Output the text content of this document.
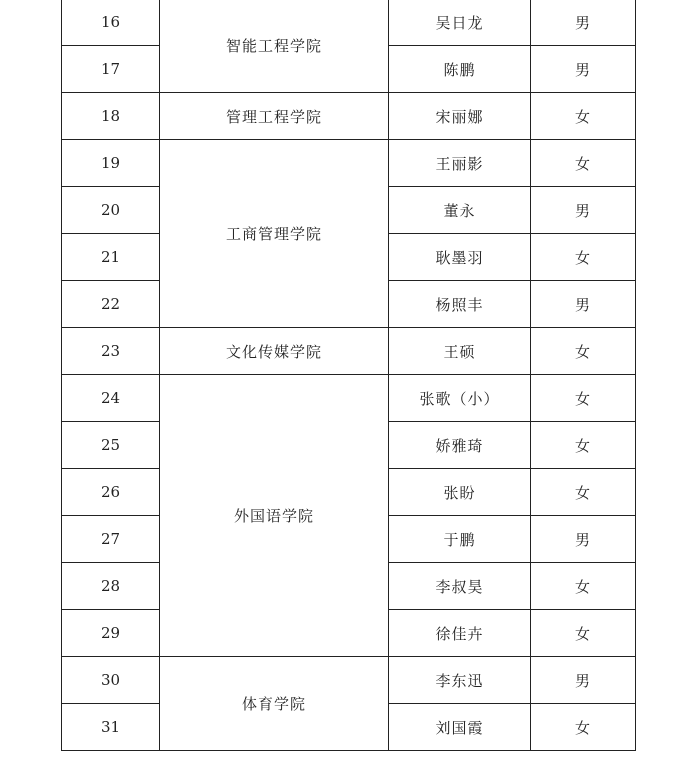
16	智能工程学院	吴日龙	男
17		陈鹏	男
18	管理工程学院	宋丽娜	女
19	工商管理学院	王丽影	女
20		董永	男
21		耿墨羽	女
22		杨照丰	男
23	文化传媒学院	王硕	女
24	外国语学院	张歌（小）	女
25		娇雅琦	女
26		张盼	女
27		于鹏	男
28		李叔昊	女
29		徐佳卉	女
30	体育学院	李东迅	男
31		刘国霞	女
